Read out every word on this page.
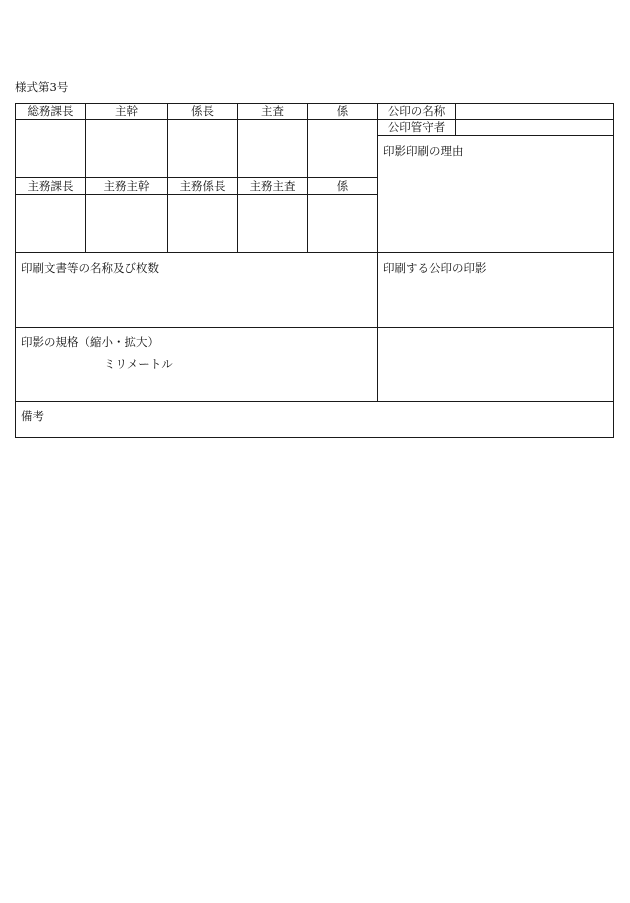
様式第3号
総務課長	主幹	係長	主査	係
主務課長	主務主幹	主務係長	主務主査	係
公印の名称
公印管守者
印影印刷の理由
印刷文書等の名称及び枚数	印刷する公印の印影
印影の規格（縮小・拡大）
ミリメートル
備考
